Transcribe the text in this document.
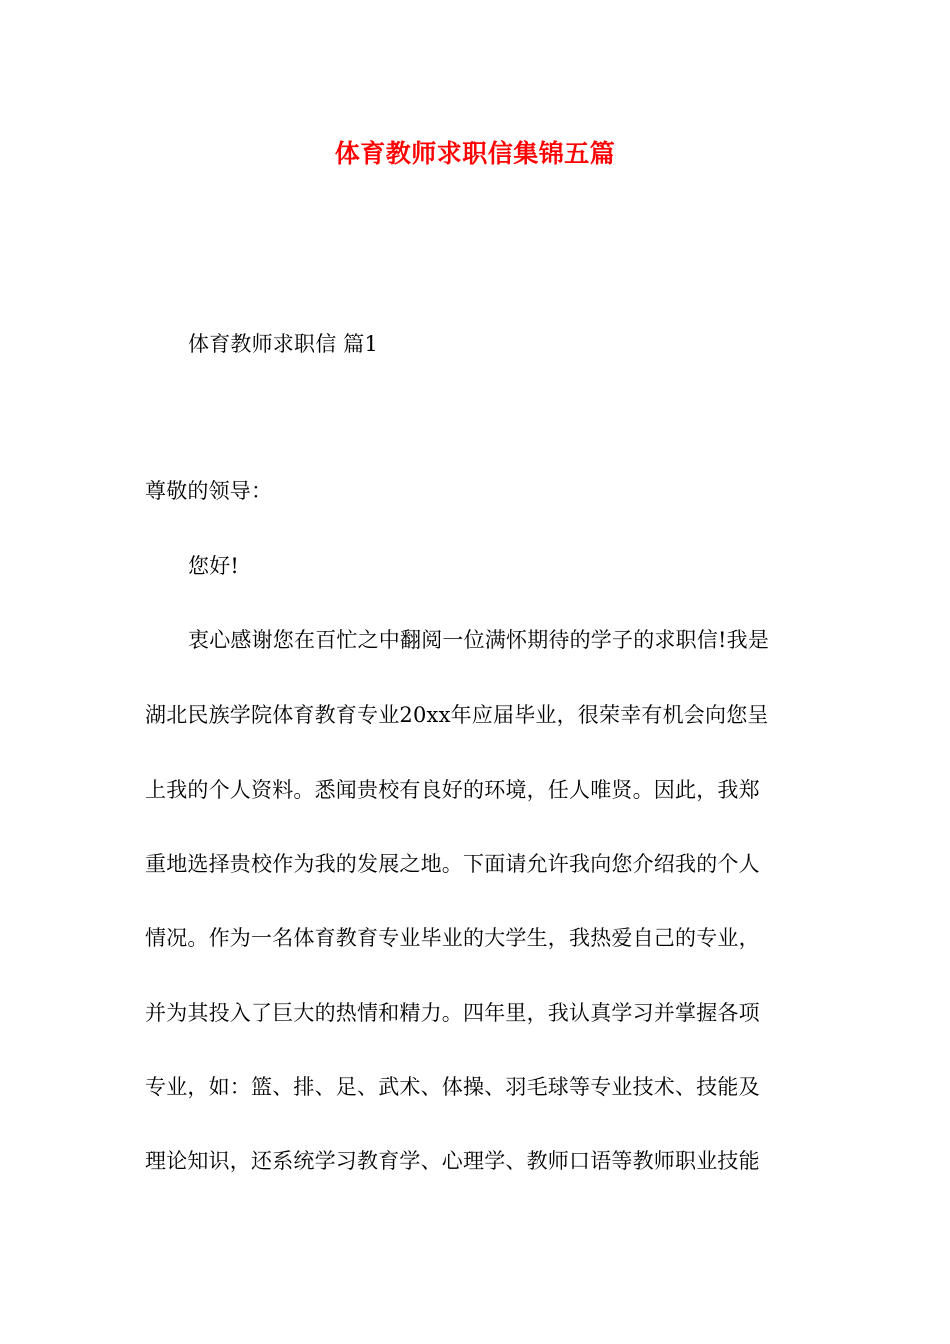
体育教师求职信集锦五篇
体育教师求职信 篇1
尊敬的领导：
您好!
衷心感谢您在百忙之中翻阅一位满怀期待的学子的求职信!我是
湖北民族学院体育教育专业20xx年应届毕业，很荣幸有机会向您呈
上我的个人资料。悉闻贵校有良好的环境，任人唯贤。因此，我郑
重地选择贵校作为我的发展之地。下面请允许我向您介绍我的个人
情况。作为一名体育教育专业毕业的大学生，我热爱自己的专业，
并为其投入了巨大的热情和精力。四年里，我认真学习并掌握各项
专业，如：篮、排、足、武术、体操、羽毛球等专业技术、技能及
理论知识，还系统学习教育学、心理学、教师口语等教师职业技能
